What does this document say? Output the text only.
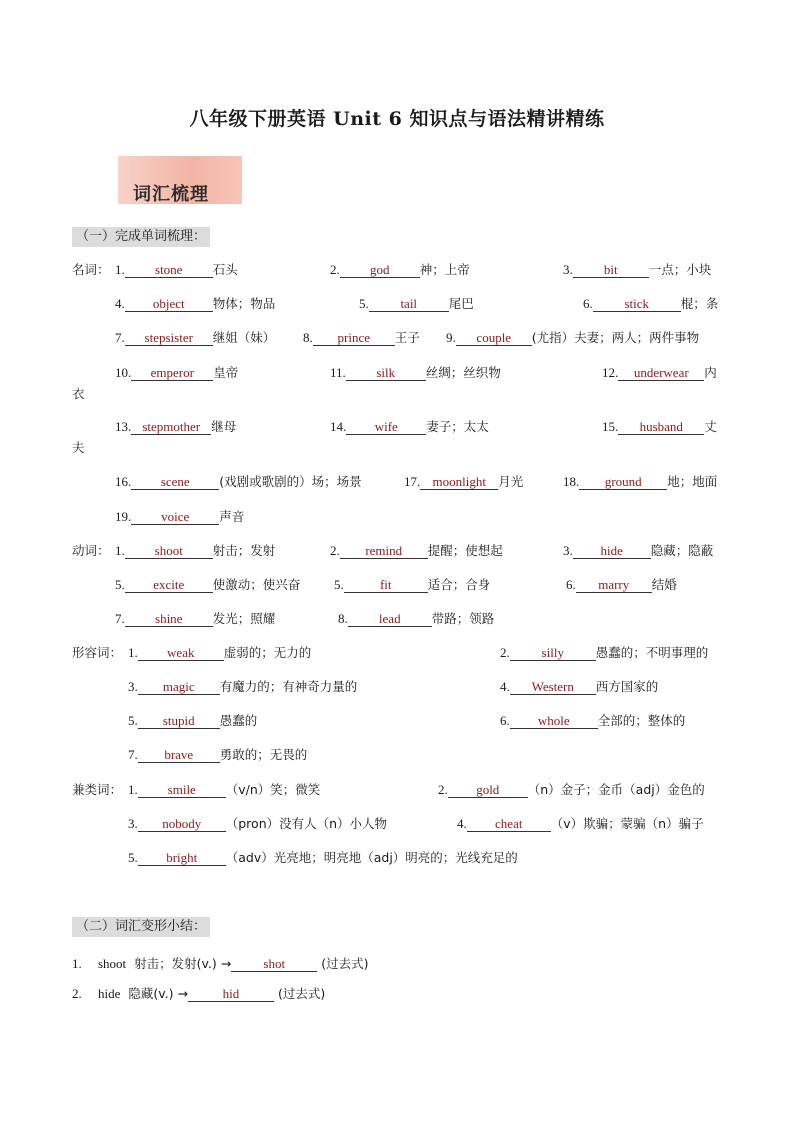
八年级下册英语 Unit 6 知识点与语法精讲精练
词汇梳理
（一）完成单词梳理：
名词： 1. stone 石头	2. god 神；上帝	3. bit 一点；小块
4. object 物体；物品	5. tail	尾巴	6. stick	棍；条
7. stepsister 继姐（妹） 8. prince 王子 9. couple (尤指）夫妻；两人；两件事物
10. emperor 皇帝	11. silk 丝绸；丝织物	12. underwear 内
衣
13. stepmother 继母	14. wife 妻子；太太	15. husband 丈
夫
16. scene (戏剧或歌剧的）场；场景	17. moonlight 月光	18. ground 地；地面
19. voice 声音
动词： 1. shoot 射击；发射	2. remind 提醒；使想起	3. hide 隐藏；隐蔽
5. excite 使激动；使兴奋	5.	fit	适合；合身	6. marry 结婚
7. shine 发光；照耀	8. lead 带路；领路
形容词： 1. weak 虚弱的；无力的	2. silly	愚蠢的；不明事理的
3. magic 有魔力的；有神奇力量的	4. Western 西方国家的
5. stupid 愚蠢的	6. whole 全部的；整体的
7. brave 勇敢的；无畏的
兼类词： 1. smile （v/n）笑；微笑	2. gold （n）金子；金币（adj）金色的
3. nobody （pron）没有人（n）小人物	4. cheat （v）欺骗；蒙骗（n）骗子
5. bright （adv）光亮地；明亮地（adj）明亮的；光线充足的
（二）词汇变形小结：
1. shoot 射击；发射(v.) → shot	(过去式)
2. hide 隐藏(v.) →	hid	(过去式)
